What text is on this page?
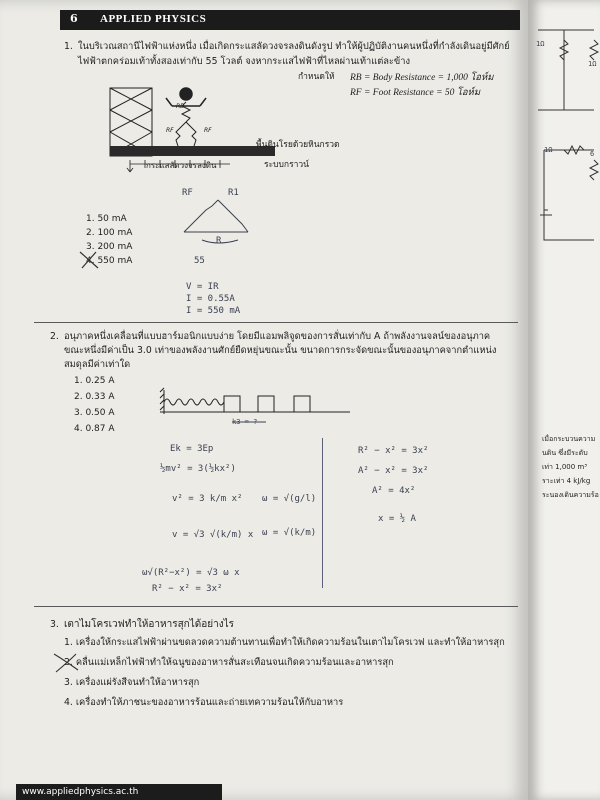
6 APPLIED PHYSICS
1. ในบริเวณสถานีไฟฟ้าแห่งหนึ่ง เมื่อเกิดกระแสลัดวงจรลงดินดังรูป ทำให้ผู้ปฏิบัติงานคนหนึ่งที่กำลังเดินอยู่มีศักย์
ไฟฟ้าตกคร่อมเท้าทั้งสองเท่ากับ 55 โวลต์ จงหากระแสไฟฟ้าที่ไหลผ่านเท้าแต่ละข้าง
กำหนดให้ RB = Body Resistance = 1,000 โอห์ม
RF = Foot Resistance = 50 โอห์ม
RB
RF	RF
พื้นดินโรยด้วยหินกรวด
กระแสลัดวงจรลงดิน	ระบบกราวน์
RF	R1
R
55
1. 50 mA
2. 100 mA
3. 200 mA
4. 550 mA
V = IR
I = 0.55A
I = 550 mA
2. อนุภาคหนึ่งเคลื่อนที่แบบฮาร์มอนิกแบบง่าย โดยมีแอมพลิจูดของการสั่นเท่ากับ A ถ้าพลังงานจลน์ของอนุภาค
ขณะหนึ่งมีค่าเป็น 3.0 เท่าของพลังงานศักย์ยืดหยุ่นขณะนั้น ขนาดการกระจัดขณะนั้นของอนุภาคจากตำแหน่ง
สมดุลมีค่าเท่าใด
1. 0.25 A
2. 0.33 A
3. 0.50 A
4. 0.87 A
k3 = ?
Ek = 3Ep
½mv² = 3(½kx²)
v² = 3 k/m x² ω = √(g/l)
v = √3 √(k/m) x ω = √(k/m)
ω√(R²−x²) = √3 ω x
R² − x² = 3x²
R² − x² = 3x²
A² − x² = 3x²
A² = 4x²
x = ½ A
3. เตาไมโครเวฟทำให้อาหารสุกได้อย่างไร
1. เครื่องให้กระแสไฟฟ้าผ่านขดลวดความต้านทานเพื่อทำให้เกิดความร้อนในเตาไมโครเวฟ และทำให้อาหารสุก
2. คลื่นแม่เหล็กไฟฟ้าทำให้ฉนูของอาหารสั่นสะเทือนจนเกิดความร้อนและอาหารสุก
3. เครื่องแผ่รังสีจนทำให้อาหารสุก
4. เครื่องทำให้ภาชนะของอาหารร้อนและถ่ายเทความร้อนให้กับอาหาร
www.appliedphysics.ac.th
1Ω
1Ω
1Ω	6
เมื่อกระบวนความ
นดิน ซึ่งมีระดับ
เท่า 1,000 m³
ราะเท่า 4 kJ/kg
ระนองเดินความร้อ
